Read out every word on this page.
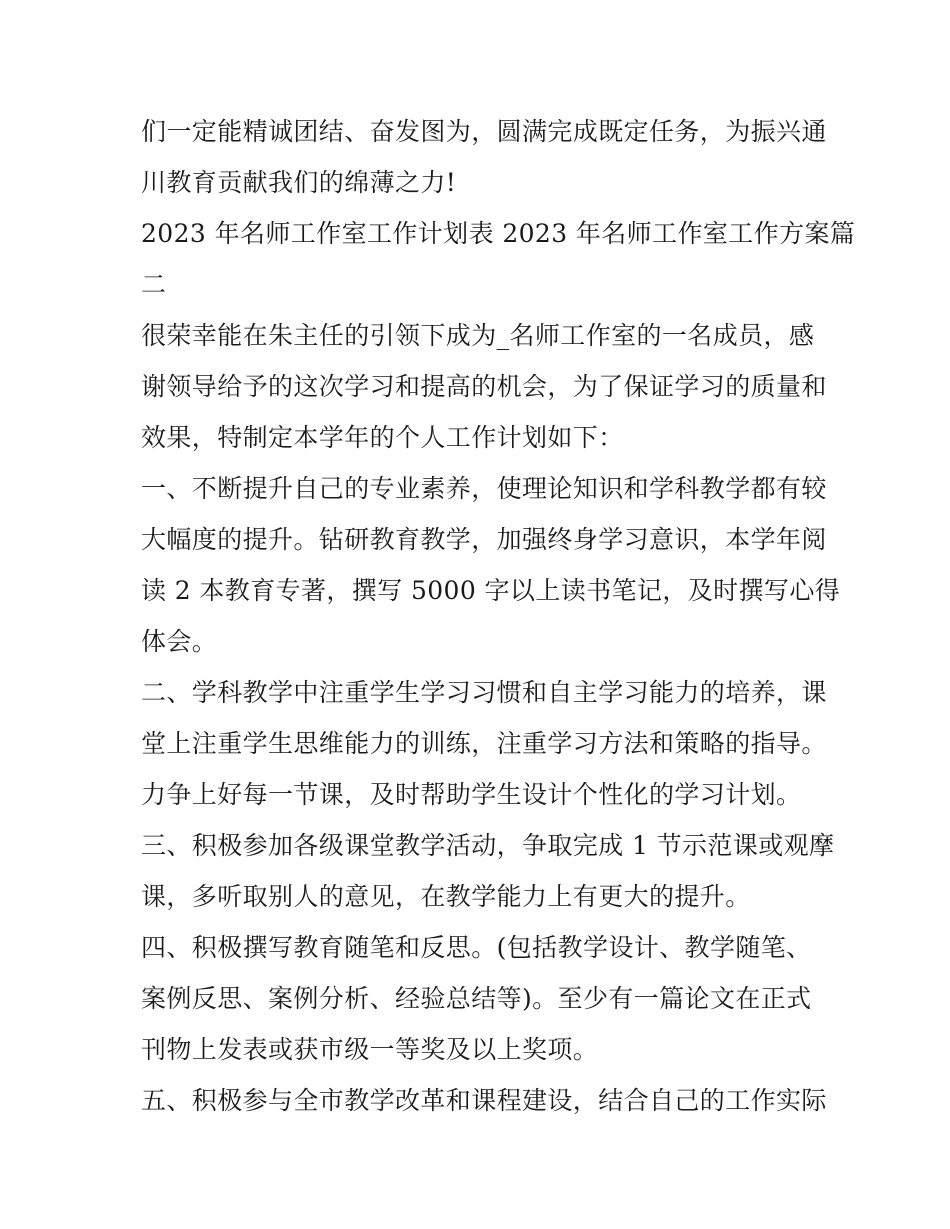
们一定能精诚团结、奋发图为，圆满完成既定任务，为振兴通
川教育贡献我们的绵薄之力!
2023 年名师工作室工作计划表 2023 年名师工作室工作方案篇
二
很荣幸能在朱主任的引领下成为_名师工作室的一名成员，感
谢领导给予的这次学习和提高的机会，为了保证学习的质量和
效果，特制定本学年的个人工作计划如下：
一、不断提升自己的专业素养，使理论知识和学科教学都有较
大幅度的提升。钻研教育教学，加强终身学习意识，本学年阅
读 2 本教育专著，撰写 5000 字以上读书笔记，及时撰写心得
体会。
二、学科教学中注重学生学习习惯和自主学习能力的培养，课
堂上注重学生思维能力的训练，注重学习方法和策略的指导。
力争上好每一节课，及时帮助学生设计个性化的学习计划。
三、积极参加各级课堂教学活动，争取完成 1 节示范课或观摩
课，多听取别人的意见，在教学能力上有更大的提升。
四、积极撰写教育随笔和反思。(包括教学设计、教学随笔、
案例反思、案例分析、经验总结等)。至少有一篇论文在正式
刊物上发表或获市级一等奖及以上奖项。
五、积极参与全市教学改革和课程建设，结合自己的工作实际
